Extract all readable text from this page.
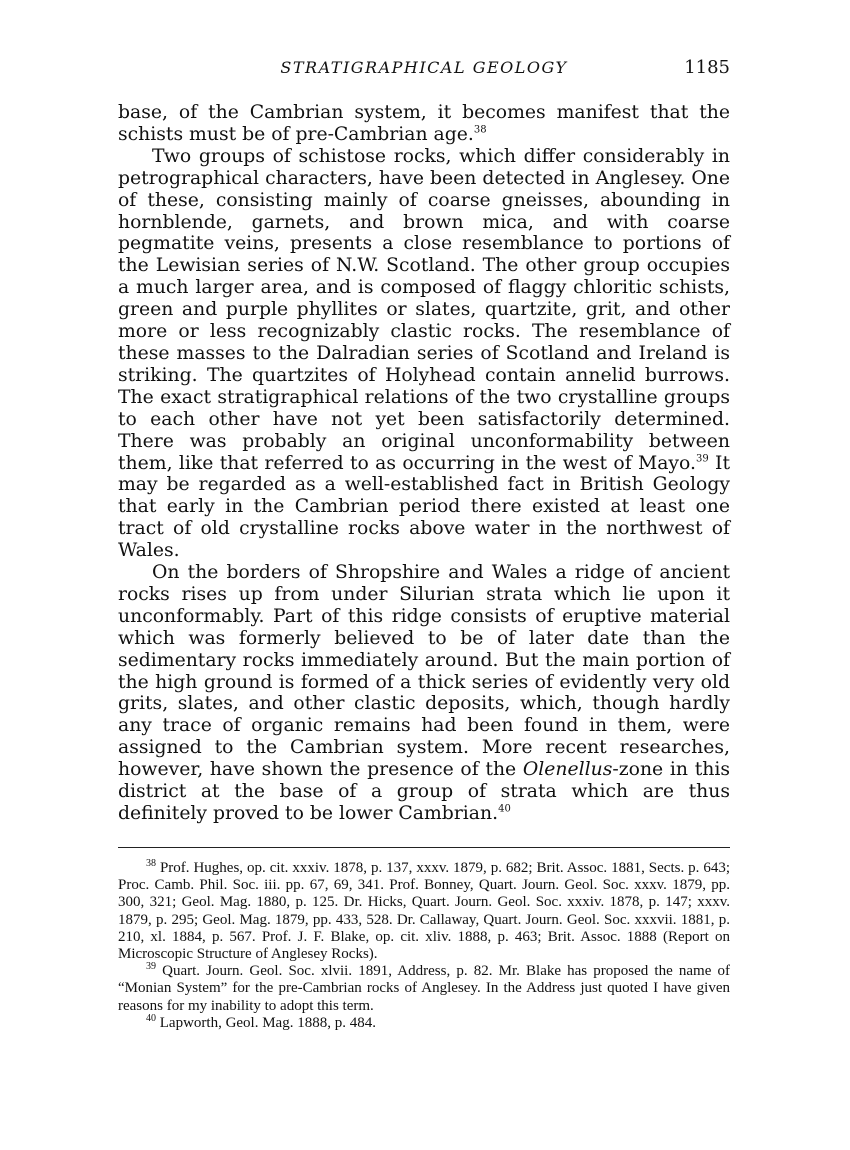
STRATIGRAPHICAL GEOLOGY	1185

base, of the Cambrian system, it becomes manifest that the schists must be of pre-Cambrian age.$^{38}$

Two groups of schistose rocks, which differ considerably in petrographical characters, have been detected in Anglesey. One of these, consisting mainly of coarse gneisses, abounding in hornblende, garnets, and brown mica, and with coarse pegmatite veins, presents a close resemblance to portions of the Lewisian series of N.W. Scotland. The other group occupies a much larger area, and is composed of flaggy chloritic schists, green and purple phyllites or slates, quartzite, grit, and other more or less recognizably clastic rocks. The resemblance of these masses to the Dalradian series of Scotland and Ireland is striking. The quartzites of Holyhead contain annelid burrows. The exact stratigraphical relations of the two crystalline groups to each other have not yet been satisfactorily determined. There was probably an original unconformability between them, like that referred to as occurring in the west of Mayo.$^{39}$ It may be regarded as a well-established fact in British Geology that early in the Cambrian period there existed at least one tract of old crystalline rocks above water in the northwest of Wales.

On the borders of Shropshire and Wales a ridge of ancient rocks rises up from under Silurian strata which lie upon it unconformably. Part of this ridge consists of eruptive material which was formerly believed to be of later date than the sedimentary rocks immediately around. But the main portion of the high ground is formed of a thick series of evidently very old grits, slates, and other clastic deposits, which, though hardly any trace of organic remains had been found in them, were assigned to the Cambrian system. More recent researches, however, have shown the presence of the Olenellus-zone in this district at the base of a group of strata which are thus definitely proved to be lower Cambrian.$^{40}$

$^{38}$ Prof. Hughes, op. cit. xxxiv. 1878, p. 137, xxxv. 1879, p. 682; Brit. Assoc. 1881, Sects. p. 643; Proc. Camb. Phil. Soc. iii. pp. 67, 69, 341. Prof. Bonney, Quart. Journ. Geol. Soc. xxxv. 1879, pp. 300, 321; Geol. Mag. 1880, p. 125. Dr. Hicks, Quart. Journ. Geol. Soc. xxxiv. 1878, p. 147; xxxv. 1879, p. 295; Geol. Mag. 1879, pp. 433, 528. Dr. Callaway, Quart. Journ. Geol. Soc. xxxvii. 1881, p. 210, xl. 1884, p. 567. Prof. J. F. Blake, op. cit. xliv. 1888, p. 463; Brit. Assoc. 1888 (Report on Microscopic Structure of Anglesey Rocks).

$^{39}$ Quart. Journ. Geol. Soc. xlvii. 1891, Address, p. 82. Mr. Blake has proposed the name of “Monian System” for the pre-Cambrian rocks of Anglesey. In the Address just quoted I have given reasons for my inability to adopt this term.

$^{40}$ Lapworth, Geol. Mag. 1888, p. 484.
